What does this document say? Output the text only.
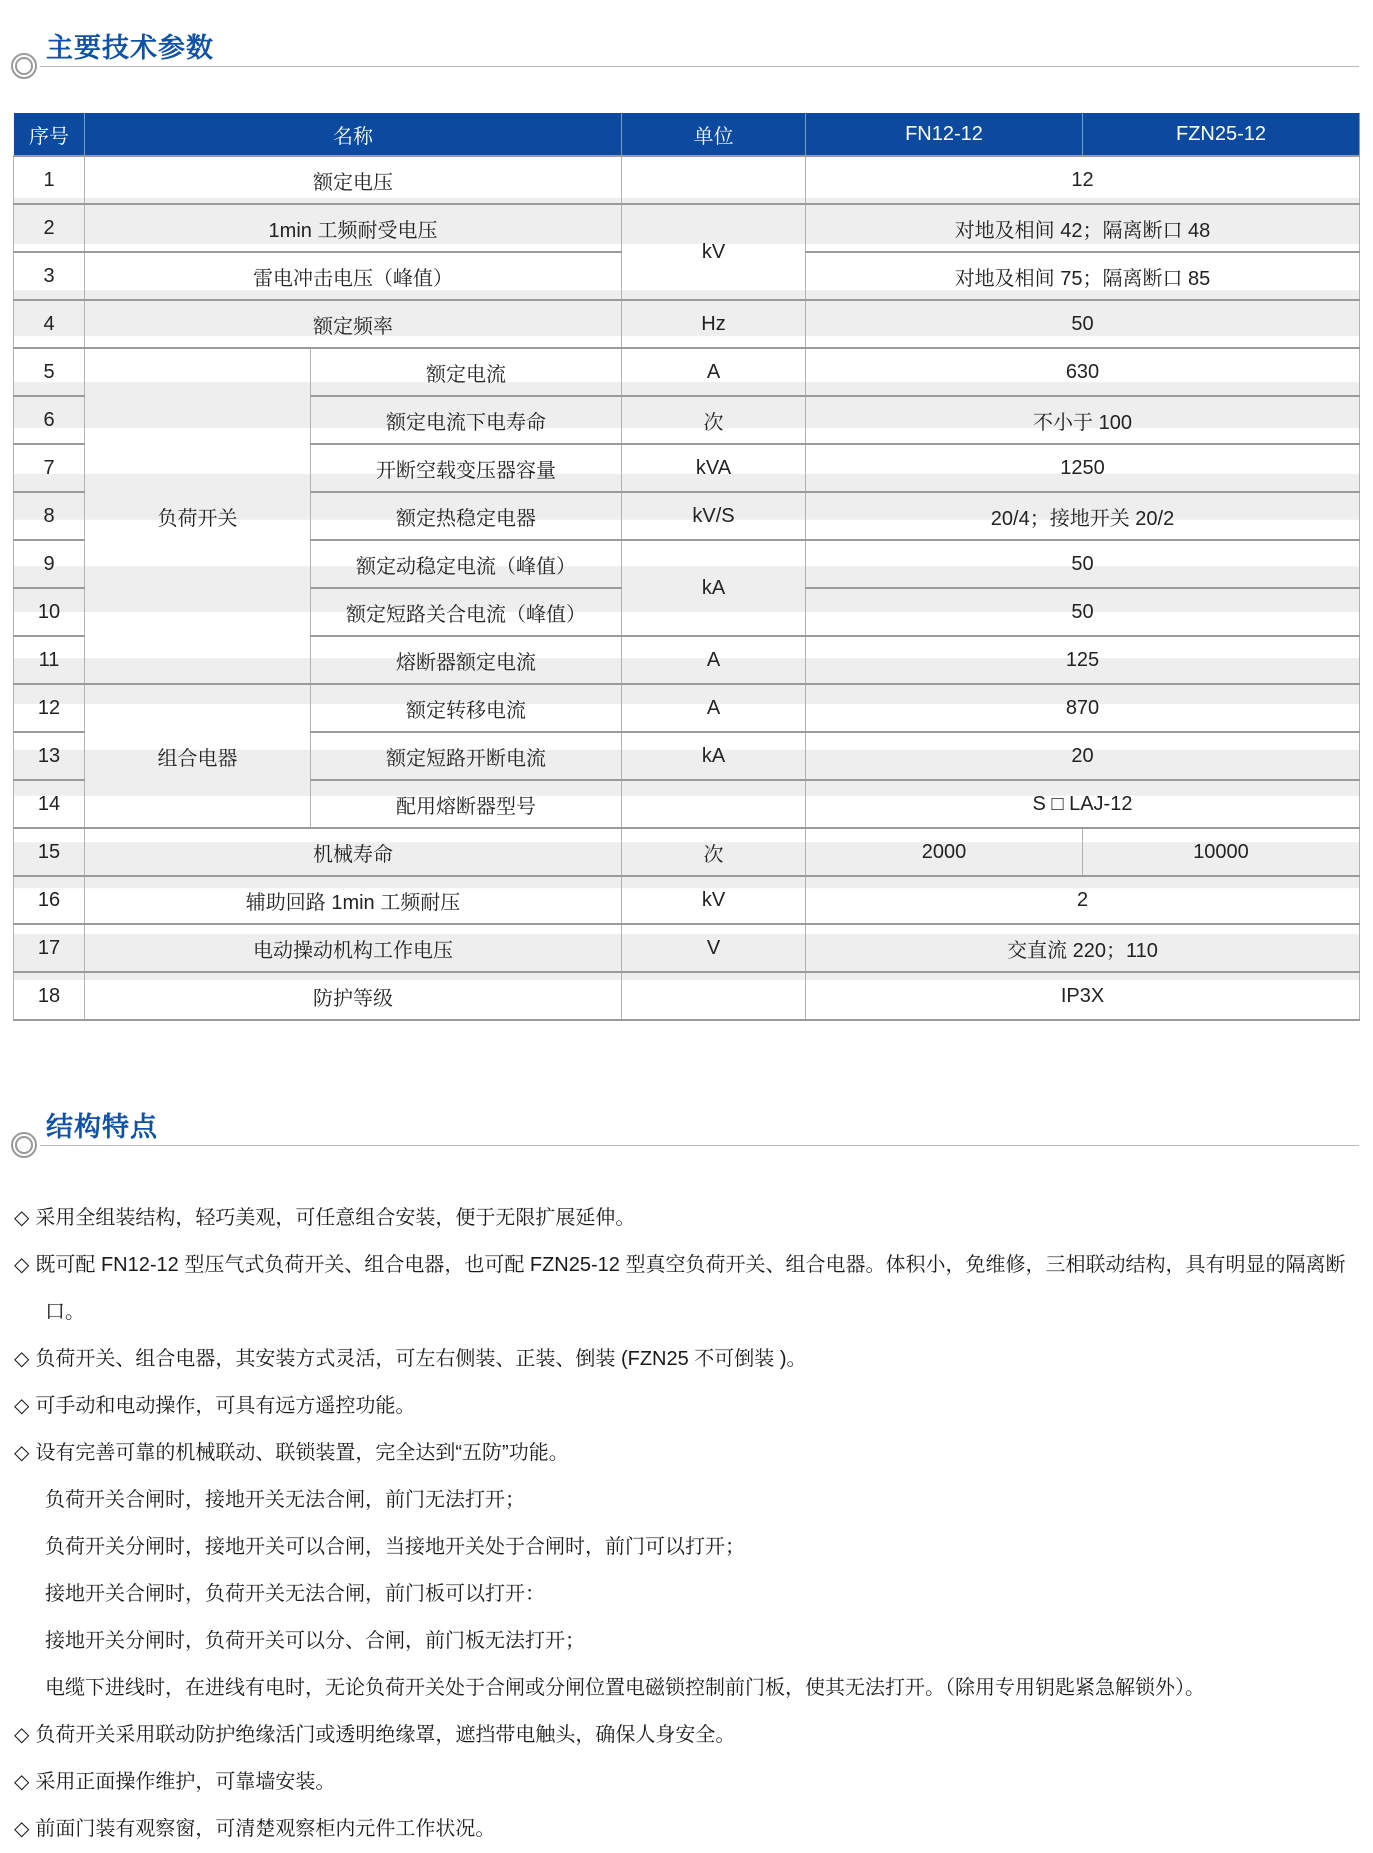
主要技术参数
序号	名称		单位	FN12-12	FZN25-12
1	额定电压			12	
2	1min 工频耐受电压		kV	对地及相间 42；隔离断口 48	
3	雷电冲击电压（峰值）			对地及相间 75；隔离断口 85	
4	额定频率		Hz	50	
5	负荷开关	额定电流	A	630	
6		额定电流下电寿命	次	不小于 100	
7		开断空载变压器容量	kVA	1250	
8		额定热稳定电器	kV/S	20/4；接地开关 20/2	
9		额定动稳定电流（峰值）	kA	50	
10		额定短路关合电流（峰值）		50	
11		熔断器额定电流	A	125	
12	组合电器	额定转移电流	A	870	
13		额定短路开断电流	kA	20	
14		配用熔断器型号		S □ LAJ-12	
15	机械寿命		次	2000	10000
16	辅助回路 1min 工频耐压		kV	2	
17	电动操动机构工作电压		V	交直流 220；110	
18	防护等级			IP3X	
结构特点

◇ 采用全组装结构，轻巧美观，可任意组合安装，便于无限扩展延伸。

◇ 既可配 FN12-12 型压气式负荷开关、组合电器，也可配 FZN25-12 型真空负荷开关、组合电器。体积小，免维修，三相联动结构，具有明显的隔离断口。

◇ 负荷开关、组合电器，其安装方式灵活，可左右侧装、正装、倒装 (FZN25 不可倒装 )。

◇ 可手动和电动操作，可具有远方遥控功能。

◇ 设有完善可靠的机械联动、联锁装置，完全达到“五防”功能。

负荷开关合闸时，接地开关无法合闸，前门无法打开；

负荷开关分闸时，接地开关可以合闸，当接地开关处于合闸时，前门可以打开；

接地开关合闸时，负荷开关无法合闸，前门板可以打开：

接地开关分闸时，负荷开关可以分、合闸，前门板无法打开；

电缆下进线时，在进线有电时，无论负荷开关处于合闸或分闸位置电磁锁控制前门板，使其无法打开。（除用专用钥匙紧急解锁外）。

◇ 负荷开关采用联动防护绝缘活门或透明绝缘罩，遮挡带电触头，确保人身安全。

◇ 采用正面操作维护，可靠墙安装。

◇ 前面门装有观察窗，可清楚观察柜内元件工作状况。
